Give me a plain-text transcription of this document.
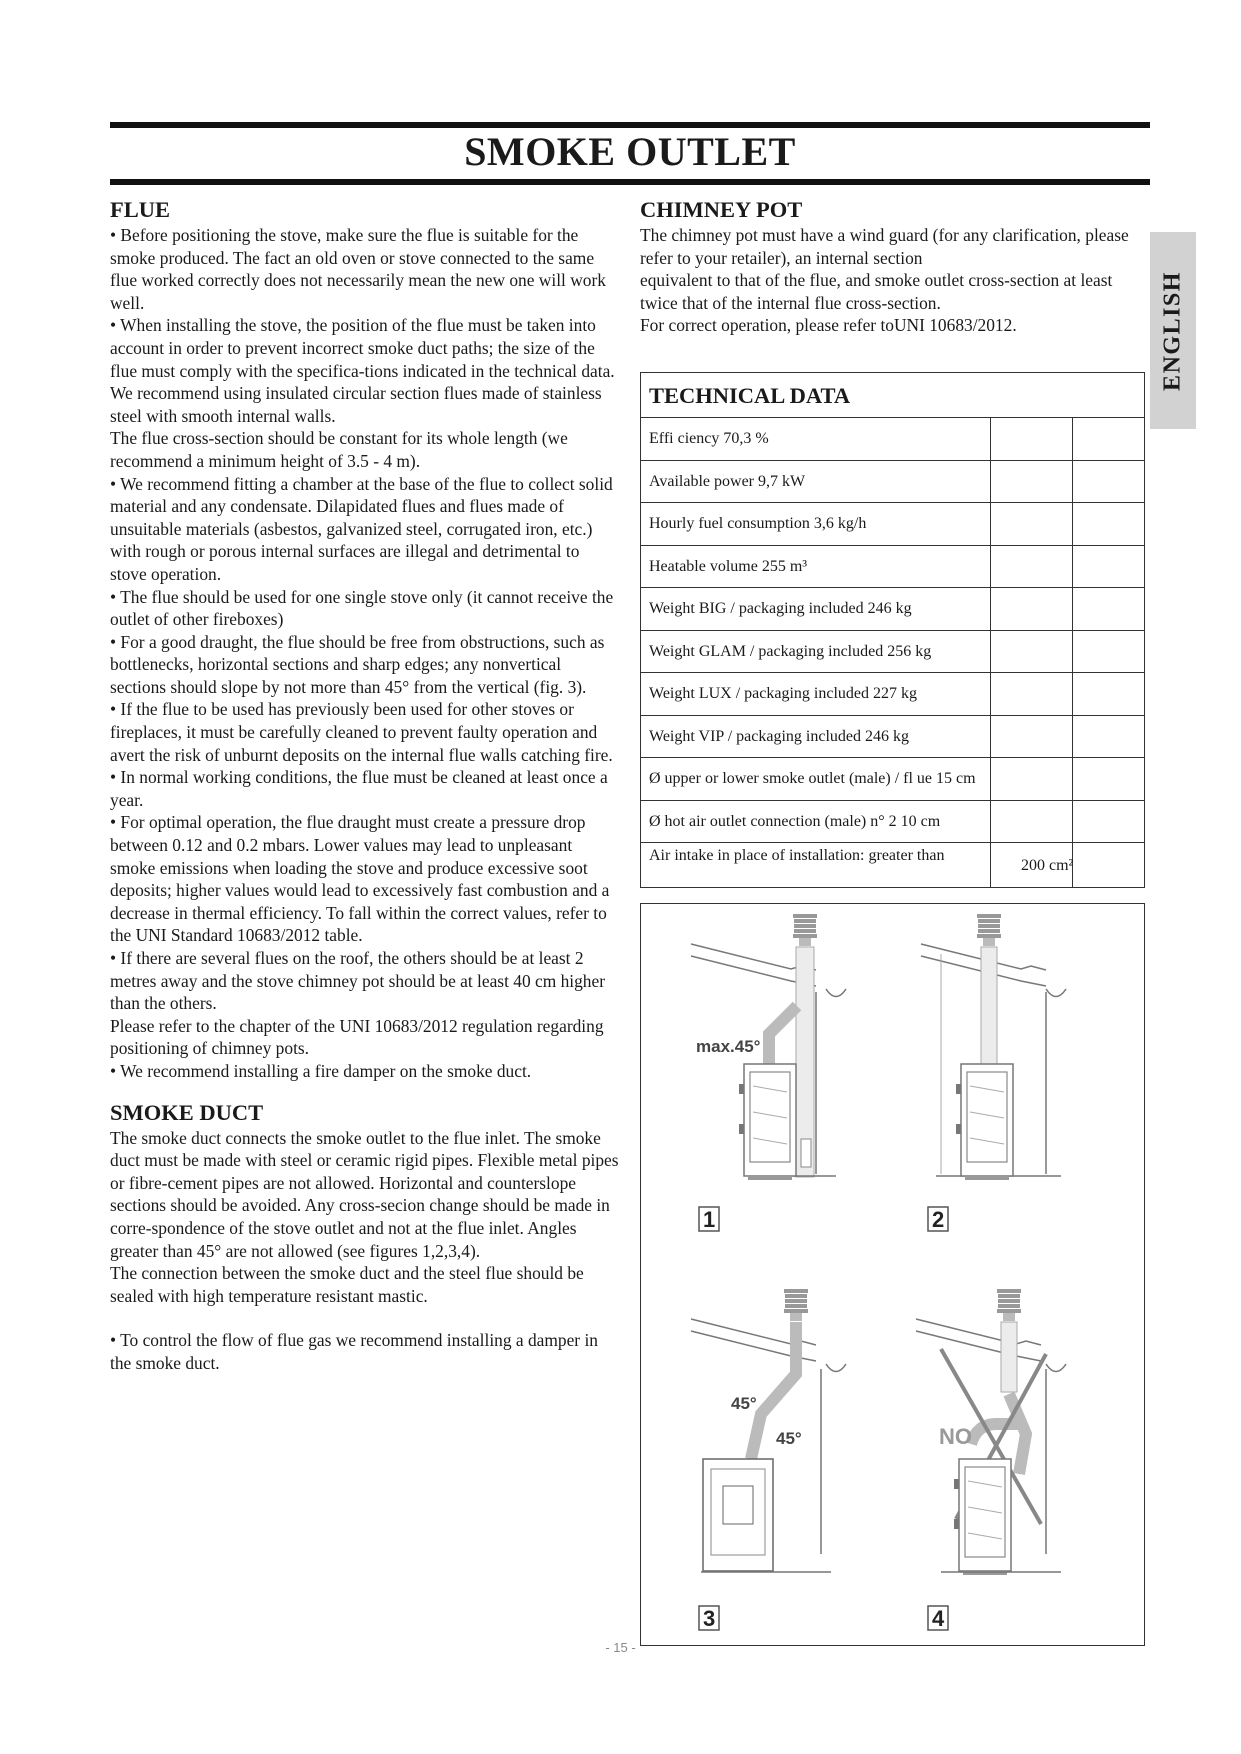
SMOKE OUTLET
ENGLISH
FLUE
• Before positioning the stove, make sure the flue is suitable for the smoke produced. The fact an old oven or stove connected to the same flue worked correctly does not necessarily mean the new one will work well.
• When installing the stove, the position of the flue must be taken into account in order to prevent incorrect smoke duct paths; the size of the flue must comply with the specifica-tions indicated in the technical data.
We recommend using insulated circular section flues made of stainless steel with smooth internal walls.
The flue cross-section should be constant for its whole length (we recommend a minimum height of 3.5 - 4 m).
• We recommend fitting a chamber at the base of the flue to collect solid material and any condensate. Dilapidated flues and flues made of unsuitable materials (asbestos, galvanized steel, corrugated iron, etc.) with rough or porous internal surfaces are illegal and detrimental to stove operation.
• The flue should be used for one single stove only (it cannot receive the outlet of other fireboxes)
• For a good draught, the flue should be free from obstructions, such as bottlenecks, horizontal sections and sharp edges; any nonvertical sections should slope by not more than 45° from the vertical (fig. 3).
• If the flue to be used has previously been used for other stoves or fireplaces, it must be carefully cleaned to prevent faulty operation and avert the risk of unburnt deposits on the internal flue walls catching fire.
• In normal working conditions, the flue must be cleaned at least once a year.
• For optimal operation, the flue draught must create a pressure drop between 0.12 and 0.2 mbars. Lower values may lead to unpleasant smoke emissions when loading the stove and produce excessive soot deposits; higher values would lead to excessively fast combustion and a decrease in thermal efficiency. To fall within the correct values, refer to the UNI Standard 10683/2012 table.
• If there are several flues on the roof, the others should be at least 2 metres away and the stove chimney pot should be at least 40 cm higher than the others.
Please refer to the chapter of the UNI 10683/2012 regulation regarding positioning of chimney pots.
• We recommend installing a fire damper on the smoke duct.
SMOKE DUCT
The smoke duct connects the smoke outlet to the flue inlet. The smoke duct must be made with steel or ceramic rigid pipes. Flexible metal pipes or fibre-cement pipes are not allowed. Horizontal and counterslope sections should be avoided. Any cross-secion change should be made in corre-spondence of the stove outlet and not at the flue inlet. Angles greater than 45° are not allowed (see figures 1,2,3,4).
The connection between the smoke duct and the steel flue should be sealed with high temperature resistant mastic.
• To control the flow of flue gas we recommend installing a damper in the smoke duct.
CHIMNEY POT
The chimney pot must have a wind guard (for any clarification, please refer to your retailer), an internal section
equivalent to that of the flue, and smoke outlet cross-section at least twice that of the internal flue cross-section.
For correct operation, please refer toUNI 10683/2012.
TECHNICAL DATA
Effi ciency 70,3 %
Available power 9,7 kW
Hourly fuel consumption 3,6 kg/h
Heatable volume 255 m³
Weight BIG / packaging included 246 kg
Weight GLAM / packaging included 256 kg
Weight LUX / packaging included 227 kg
Weight VIP / packaging included 246 kg
Ø upper or lower smoke outlet (male) / fl ue 15 cm
Ø hot air outlet connection (male) n° 2 10 cm
Air intake in place of installation: greater than
200 cm²
max.45°
1	2
45°
45°
3
NO
4
- 15 -
